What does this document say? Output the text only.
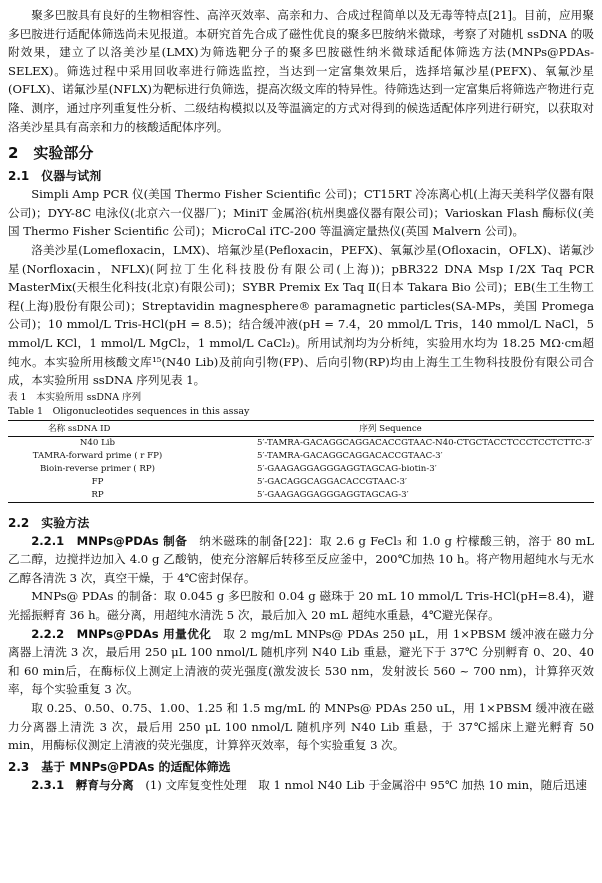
聚多巴胺具有良好的生物相容性、高淬灭效率、高亲和力、合成过程简单以及无毒等特点[21]。目前，应用聚多巴胺进行适配体筛选尚未见报道。本研究首先合成了磁性优良的聚多巴胺纳米微球，考察了对随机 ssDNA 的吸附效果，建立了以洛美沙星(LMX)为筛选靶分子的聚多巴胺磁性纳米微球适配体筛选方法(MNPs@PDAs-SELEX)。筛选过程中采用回收率进行筛选监控，当达到一定富集效果后，选择培氟沙星(PEFX)、氧氟沙星(OFLX)、诺氟沙星(NFLX)为靶标进行负筛选，提高次级文库的特异性。待筛选达到一定富集后将筛选产物进行克隆、测序，通过序列重复性分析、二级结构模拟以及等温滴定的方式对得到的候选适配体序列进行研究，以获取对洛美沙星具有高亲和力的核酸适配体序列。

2　实验部分
2.1　仪器与试剂

Simpli Amp PCR 仪(美国 Thermo Fisher Scientific 公司)；CT15RT 冷冻离心机(上海天美科学仪器有限公司)；DYY-8C 电泳仪(北京六一仪器厂)；MiniT 金属浴(杭州奥盛仪器有限公司)；Varioskan Flash 酶标仪(美国 Thermo Fisher Scientific 公司)；MicroCal iTC-200 等温滴定量热仪(英国 Malvern 公司)。

洛美沙星(Lomefloxacin，LMX)、培氟沙星(Pefloxacin，PEFX)、氧氟沙星(Ofloxacin，OFLX)、诺氟沙星(Norfloxacin，NFLX)(阿拉丁生化科技股份有限公司(上海))；pBR322 DNA Msp Ⅰ/2X Taq PCR MasterMix(天根生化科技(北京)有限公司)；SYBR Premix Ex Taq Ⅱ(日本 Takara Bio 公司)；EB(生工生物工程(上海)股份有限公司)；Streptavidin magnesphere® paramagnetic particles(SA-MPs，美国 Promega 公司)；10 mmol/L Tris-HCl(pH = 8.5)；结合缓冲液(pH = 7.4，20 mmol/L Tris，140 mmol/L NaCl，5 mmol/L KCl，1 mmol/L MgCl₂，1 mmol/L CaCl₂)。所用试剂均为分析纯，实验用水均为 18.25 MΩ·cm超纯水。本实验所用核酸文库¹⁵(N40 Lib)及前向引物(FP)、后向引物(RP)均由上海生工生物科技股份有限公司合成，本实验所用 ssDNA 序列见表 1。

表 1　本实验所用 ssDNA 序列
Table 1　Oligonucleotides sequences in this assay
名称 ssDNA ID	序列 Sequence
N40 Lib	5′-TAMRA-GACAGGCAGGACACCGTAAC-N40-CTGCTACCTCCCTCCTCTTC-3′
TAMRA-forward prime ( r FP)	5′-TAMRA-GACAGGCAGGACACCGTAAC-3′
Bioin-reverse primer ( RP)	5′-GAAGAGGAGGGAGGTAGCAG-biotin-3′
FP	5′-GACAGGCAGGACACCGTAAC-3′
RP	5′-GAAGAGGAGGGAGGTAGCAG-3′
2.2　实验方法

2.2.1　MNPs@PDAs 制备　纳米磁珠的制备[22]：取 2.6 g FeCl₃ 和 1.0 g 柠檬酸三钠，溶于 80 mL 乙二醇，边搅拌边加入 4.0 g 乙酸钠，使充分溶解后转移至反应釜中，200℃加热 10 h。将产物用超纯水与无水乙醇各清洗 3 次，真空干燥，于 4℃密封保存。

MNPs@ PDAs 的制备：取 0.045 g 多巴胺和 0.04 g 磁珠于 20 mL 10 mmol/L Tris-HCl(pH=8.4)，避光摇振孵育 36 h。磁分离，用超纯水清洗 5 次，最后加入 20 mL 超纯水重悬，4℃避光保存。

2.2.2　MNPs@PDAs 用量优化　取 2 mg/mL MNPs@ PDAs 250 μL，用 1×PBSM 缓冲液在磁力分离器上清洗 3 次，最后用 250 μL 100 nmol/L 随机序列 N40 Lib 重悬，避光下于 37℃ 分别孵育 0、20、40 和 60 min后，在酶标仪上测定上清液的荧光强度(激发波长 530 nm，发射波长 560 ~ 700 nm)，计算猝灭效率，每个实验重复 3 次。

取 0.25、0.50、0.75、1.00、1.25 和 1.5 mg/mL 的 MNPs@ PDAs 250 uL，用 1×PBSM 缓冲液在磁力分离器上清洗 3 次，最后用 250 μL 100 nmol/L 随机序列 N40 Lib 重悬，于 37℃摇床上避光孵育 50 min，用酶标仪测定上清液的荧光强度，计算猝灭效率，每个实验重复 3 次。

2.3　基于 MNPs@PDAs 的适配体筛选

2.3.1　孵育与分离　(1) 文库复变性处理　取 1 nmol N40 Lib 于金属浴中 95℃ 加热 10 min，随后迅速
